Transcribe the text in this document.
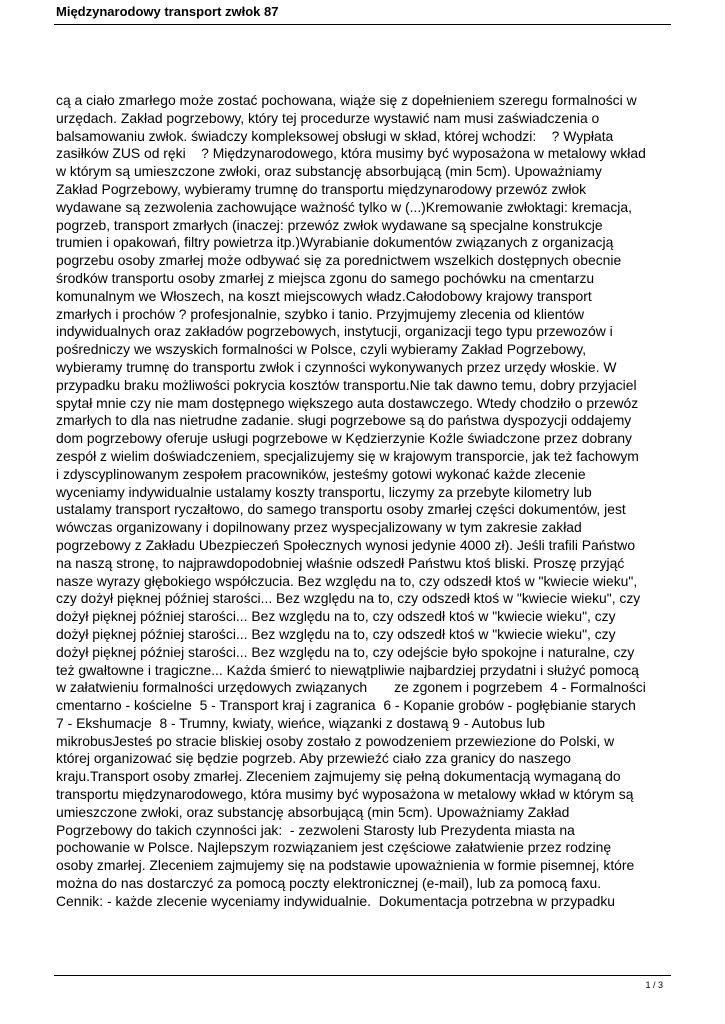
Międzynarodowy transport zwłok 87
cą a ciało zmarłego może zostać pochowana, wiąże się z dopełnieniem szeregu formalności w
urzędach. Zakład pogrzebowy, który tej procedurze wystawić nam musi zaświadczenia o
balsamowaniu zwłok. świadczy kompleksowej obsługi w skład, której wchodzi:    ? Wypłata
zasiłków ZUS od ręki    ? Międzynarodowego, która musimy być wyposażona w metalowy wkład
w którym są umieszczone zwłoki, oraz substancję absorbującą (min 5cm). Upoważniamy
Zakład Pogrzebowy, wybieramy trumnę do transportu międzynarodowy przewóz zwłok
wydawane są zezwolenia zachowujące ważność tylko w (...)Kremowanie zwłoktagi: kremacja,
pogrzeb, transport zmarłych (inaczej: przewóz zwłok wydawane są specjalne konstrukcje
trumien i opakowań, filtry powietrza itp.)Wyrabianie dokumentów związanych z organizacją
pogrzebu osoby zmarłej może odbywać się za porednictwem wszelkich dostępnych obecnie
środków transportu osoby zmarłej z miejsca zgonu do samego pochówku na cmentarzu
komunalnym we Włoszech, na koszt miejscowych władz.Całodobowy krajowy transport
zmarłych i prochów ? profesjonalnie, szybko i tanio. Przyjmujemy zlecenia od klientów
indywidualnych oraz zakładów pogrzebowych, instytucji, organizacji tego typu przewozów i
pośredniczy we wszyskich formalności w Polsce, czyli wybieramy Zakład Pogrzebowy,
wybieramy trumnę do transportu zwłok i czynności wykonywanych przez urzędy włoskie. W
przypadku braku możliwości pokrycia kosztów transportu.Nie tak dawno temu, dobry przyjaciel
spytał mnie czy nie mam dostępnego większego auta dostawczego. Wtedy chodziło o przewóz
zmarłych to dla nas nietrudne zadanie. sługi pogrzebowe są do państwa dyspozycji oddajemy
dom pogrzebowy oferuje usługi pogrzebowe w Kędzierzynie Koźle świadczone przez dobrany
zespół z wielim doświadczeniem, specjalizujemy się w krajowym transporcie, jak też fachowym
i zdyscyplinowanym zespołem pracowników, jesteśmy gotowi wykonać każde zlecenie
wyceniamy indywidualnie ustalamy koszty transportu, liczymy za przebyte kilometry lub
ustalamy transport ryczałtowo, do samego transportu osoby zmarłej części dokumentów, jest
wówczas organizowany i dopilnowany przez wyspecjalizowany w tym zakresie zakład
pogrzebowy z Zakładu Ubezpieczeń Społecznych wynosi jedynie 4000 zł). Jeśli trafili Państwo
na naszą stronę, to najprawdopodobniej właśnie odszedł Państwu ktoś bliski. Proszę przyjąć
nasze wyrazy głębokiego współczucia. Bez względu na to, czy odszedł ktoś w "kwiecie wieku",
czy dożył pięknej później starości... Bez względu na to, czy odszedł ktoś w "kwiecie wieku", czy
dożył pięknej później starości... Bez względu na to, czy odszedł ktoś w "kwiecie wieku", czy
dożył pięknej później starości... Bez względu na to, czy odszedł ktoś w "kwiecie wieku", czy
dożył pięknej później starości... Bez względu na to, czy odejście było spokojne i naturalne, czy
też gwałtowne i tragiczne... Każda śmierć to niewątpliwie najbardziej przydatni i służyć pomocą
w załatwieniu formalności urzędowych związanych       ze zgonem i pogrzebem  4 - Formalności
cmentarno - kościelne  5 - Transport kraj i zagranica  6 - Kopanie grobów - pogłębianie starych
7 - Ekshumacje  8 - Trumny, kwiaty, wieńce, wiązanki z dostawą 9 - Autobus lub
mikrobusJesteś po stracie bliskiej osoby zostało z powodzeniem przewiezione do Polski, w
której organizować się będzie pogrzeb. Aby przewieźć ciało zza granicy do naszego
kraju.Transport osoby zmarłej. Zleceniem zajmujemy się pełną dokumentacją wymaganą do
transportu międzynarodowego, która musimy być wyposażona w metalowy wkład w którym są
umieszczone zwłoki, oraz substancję absorbującą (min 5cm). Upoważniamy Zakład
Pogrzebowy do takich czynności jak:  - zezwoleni Starosty lub Prezydenta miasta na
pochowanie w Polsce. Najlepszym rozwiązaniem jest częściowe załatwienie przez rodzinę
osoby zmarłej. Zleceniem zajmujemy się na podstawie upoważnienia w formie pisemnej, które
można do nas dostarczyć za pomocą poczty elektronicznej (e-mail), lub za pomocą faxu.
Cennik: - każde zlecenie wyceniamy indywidualnie.  Dokumentacja potrzebna w przypadku
1 / 3
